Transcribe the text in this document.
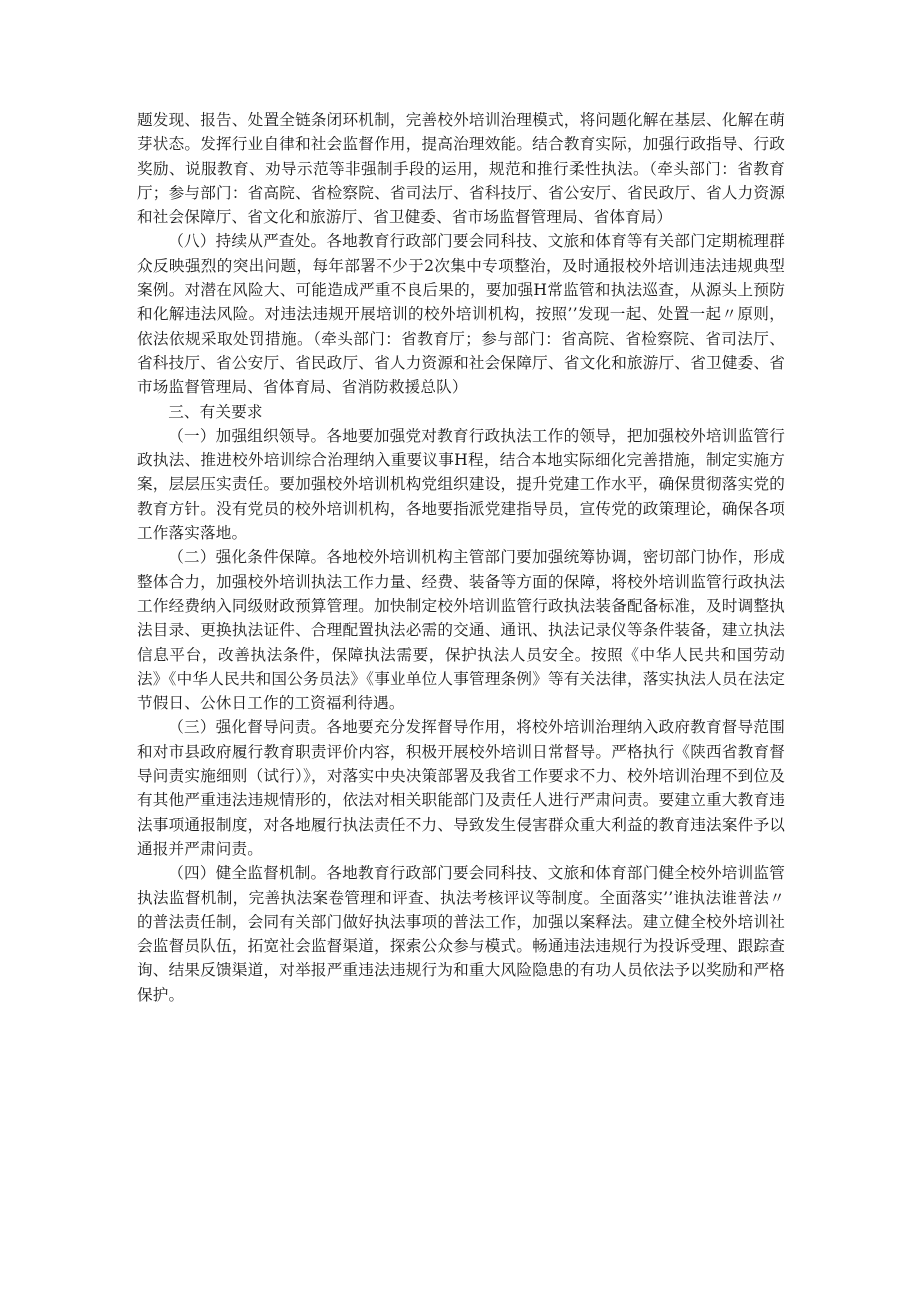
题发现、报告、处置全链条闭环机制，完善校外培训治理模式，将问题化解在基层、化解在萌芽状态。发挥行业自律和社会监督作用，提高治理效能。结合教育实际，加强行政指导、行政奖励、说服教育、劝导示范等非强制手段的运用，规范和推行柔性执法。（牵头部门：省教育厅；参与部门：省高院、省检察院、省司法厅、省科技厅、省公安厅、省民政厅、省人力资源和社会保障厅、省文化和旅游厅、省卫健委、省市场监督管理局、省体育局）

（八）持续从严查处。各地教育行政部门要会同科技、文旅和体育等有关部门定期梳理群众反映强烈的突出问题，每年部署不少于2次集中专项整治，及时通报校外培训违法违规典型案例。对潜在风险大、可能造成严重不良后果的，要加强H常监管和执法巡查，从源头上预防和化解违法风险。对违法违规开展培训的校外培训机构，按照’’发现一起、处置一起〃原则，依法依规采取处罚措施。（牵头部门：省教育厅；参与部门：省高院、省检察院、省司法厅、省科技厅、省公安厅、省民政厅、省人力资源和社会保障厅、省文化和旅游厅、省卫健委、省市场监督管理局、省体育局、省消防救援总队）

三、有关要求

（一）加强组织领导。各地要加强党对教育行政执法工作的领导，把加强校外培训监管行政执法、推进校外培训综合治理纳入重要议事H程，结合本地实际细化完善措施，制定实施方案，层层压实责任。要加强校外培训机构党组织建设，提升党建工作水平，确保贯彻落实党的教育方针。没有党员的校外培训机构，各地要指派党建指导员，宣传党的政策理论，确保各项工作落实落地。

（二）强化条件保障。各地校外培训机构主管部门要加强统筹协调，密切部门协作，形成整体合力，加强校外培训执法工作力量、经费、装备等方面的保障，将校外培训监管行政执法工作经费纳入同级财政预算管理。加快制定校外培训监管行政执法装备配备标准，及时调整执法目录、更换执法证件、合理配置执法必需的交通、通讯、执法记录仪等条件装备，建立执法信息平台，改善执法条件，保障执法需要，保护执法人员安全。按照《中华人民共和国劳动法》《中华人民共和国公务员法》《事业单位人事管理条例》等有关法律，落实执法人员在法定节假日、公休日工作的工资福利待遇。

（三）强化督导问责。各地要充分发挥督导作用，将校外培训治理纳入政府教育督导范围和对市县政府履行教育职责评价内容，积极开展校外培训日常督导。严格执行《陕西省教育督导问责实施细则（试行）》，对落实中央决策部署及我省工作要求不力、校外培训治理不到位及有其他严重违法违规情形的，依法对相关职能部门及责任人进行严肃问责。要建立重大教育违法事项通报制度，对各地履行执法责任不力、导致发生侵害群众重大利益的教育违法案件予以通报并严肃问责。

（四）健全监督机制。各地教育行政部门要会同科技、文旅和体育部门健全校外培训监管执法监督机制，完善执法案卷管理和评查、执法考核评议等制度。全面落实’’谁执法谁普法〃的普法责任制，会同有关部门做好执法事项的普法工作，加强以案释法。建立健全校外培训社会监督员队伍，拓宽社会监督渠道，探索公众参与模式。畅通违法违规行为投诉受理、跟踪查询、结果反馈渠道，对举报严重违法违规行为和重大风险隐患的有功人员依法予以奖励和严格保护。
